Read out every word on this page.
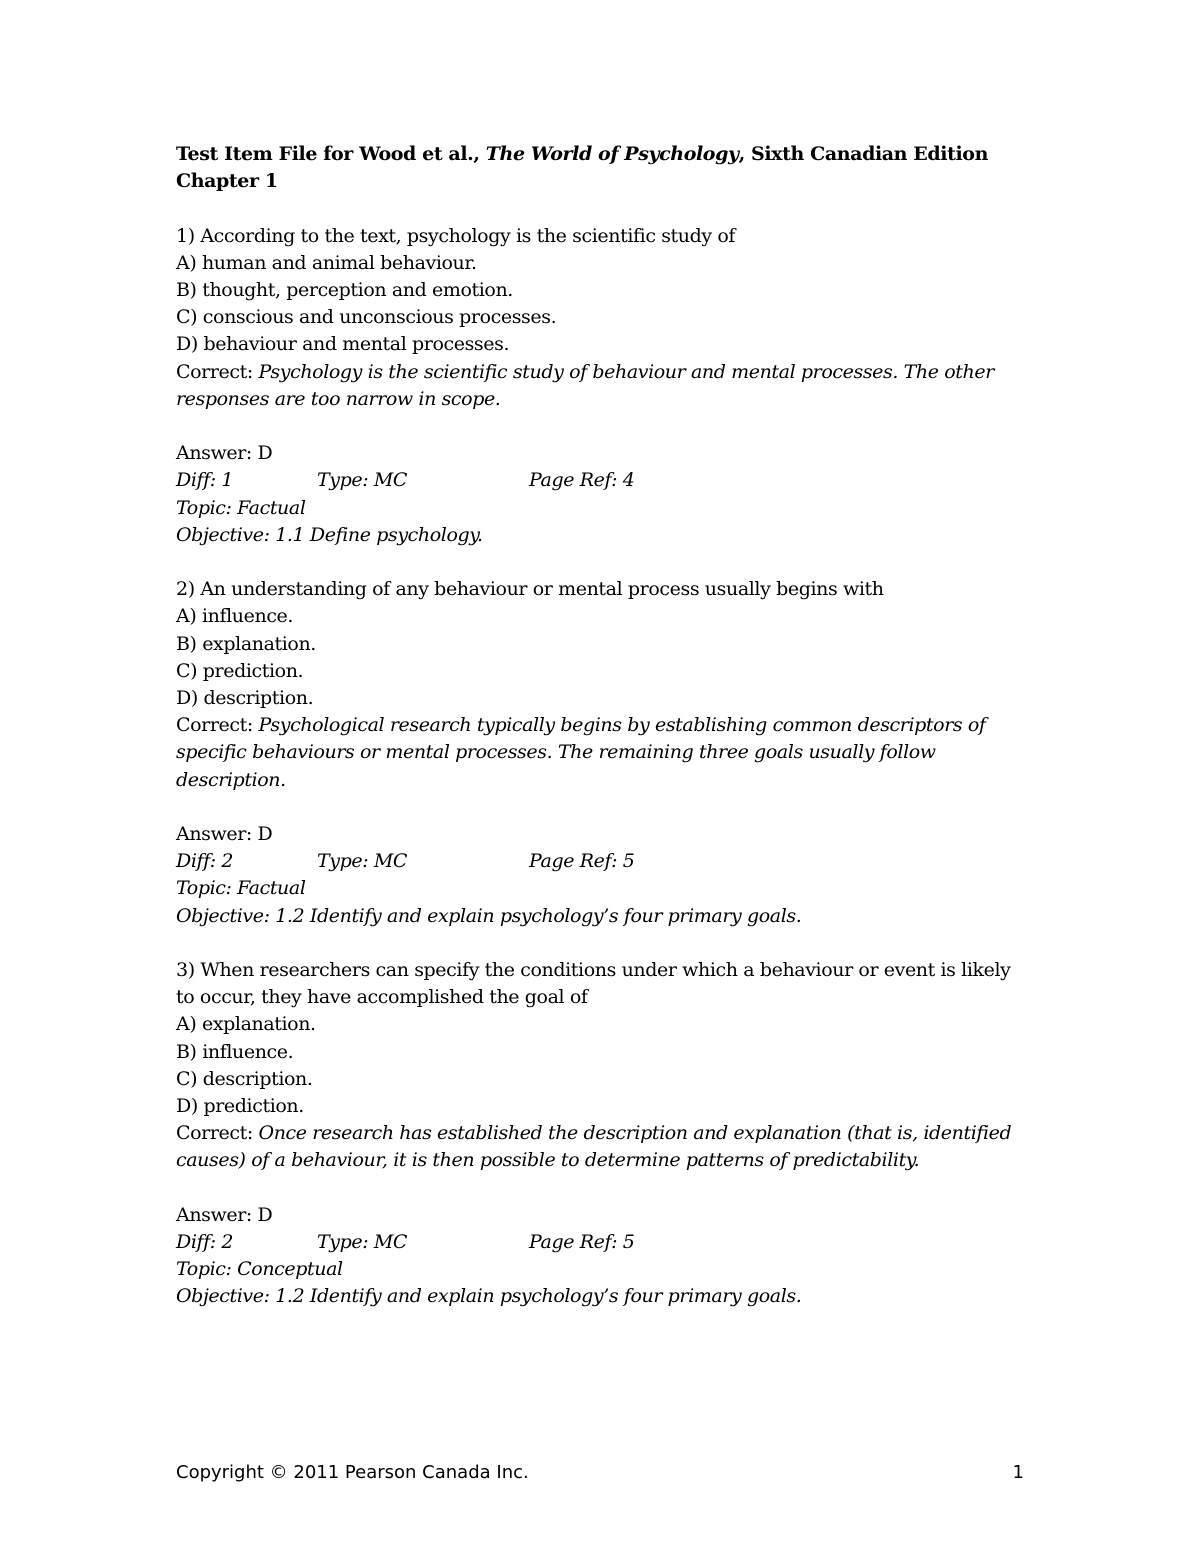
Test Item File for Wood et al., The World of Psychology, Sixth Canadian Edition
Chapter 1
1) According to the text, psychology is the scientific study of
A) human and animal behaviour.
B) thought, perception and emotion.
C) conscious and unconscious processes.
D) behaviour and mental processes.
Correct: Psychology is the scientific study of behaviour and mental processes. The other responses are too narrow in scope.
Answer: D
Diff: 1	Type: MC	Page Ref: 4
Topic: Factual
Objective: 1.1 Define psychology.
2) An understanding of any behaviour or mental process usually begins with
A) influence.
B) explanation.
C) prediction.
D) description.
Correct: Psychological research typically begins by establishing common descriptors of specific behaviours or mental processes. The remaining three goals usually follow description.
Answer: D
Diff: 2	Type: MC	Page Ref: 5
Topic: Factual
Objective: 1.2 Identify and explain psychology’s four primary goals.
3) When researchers can specify the conditions under which a behaviour or event is likely
to occur, they have accomplished the goal of
A) explanation.
B) influence.
C) description.
D) prediction.
Correct: Once research has established the description and explanation (that is, identified causes) of a behaviour, it is then possible to determine patterns of predictability.
Answer: D
Diff: 2	Type: MC	Page Ref: 5
Topic: Conceptual
Objective: 1.2 Identify and explain psychology’s four primary goals.
Copyright © 2011 Pearson Canada Inc.	1
